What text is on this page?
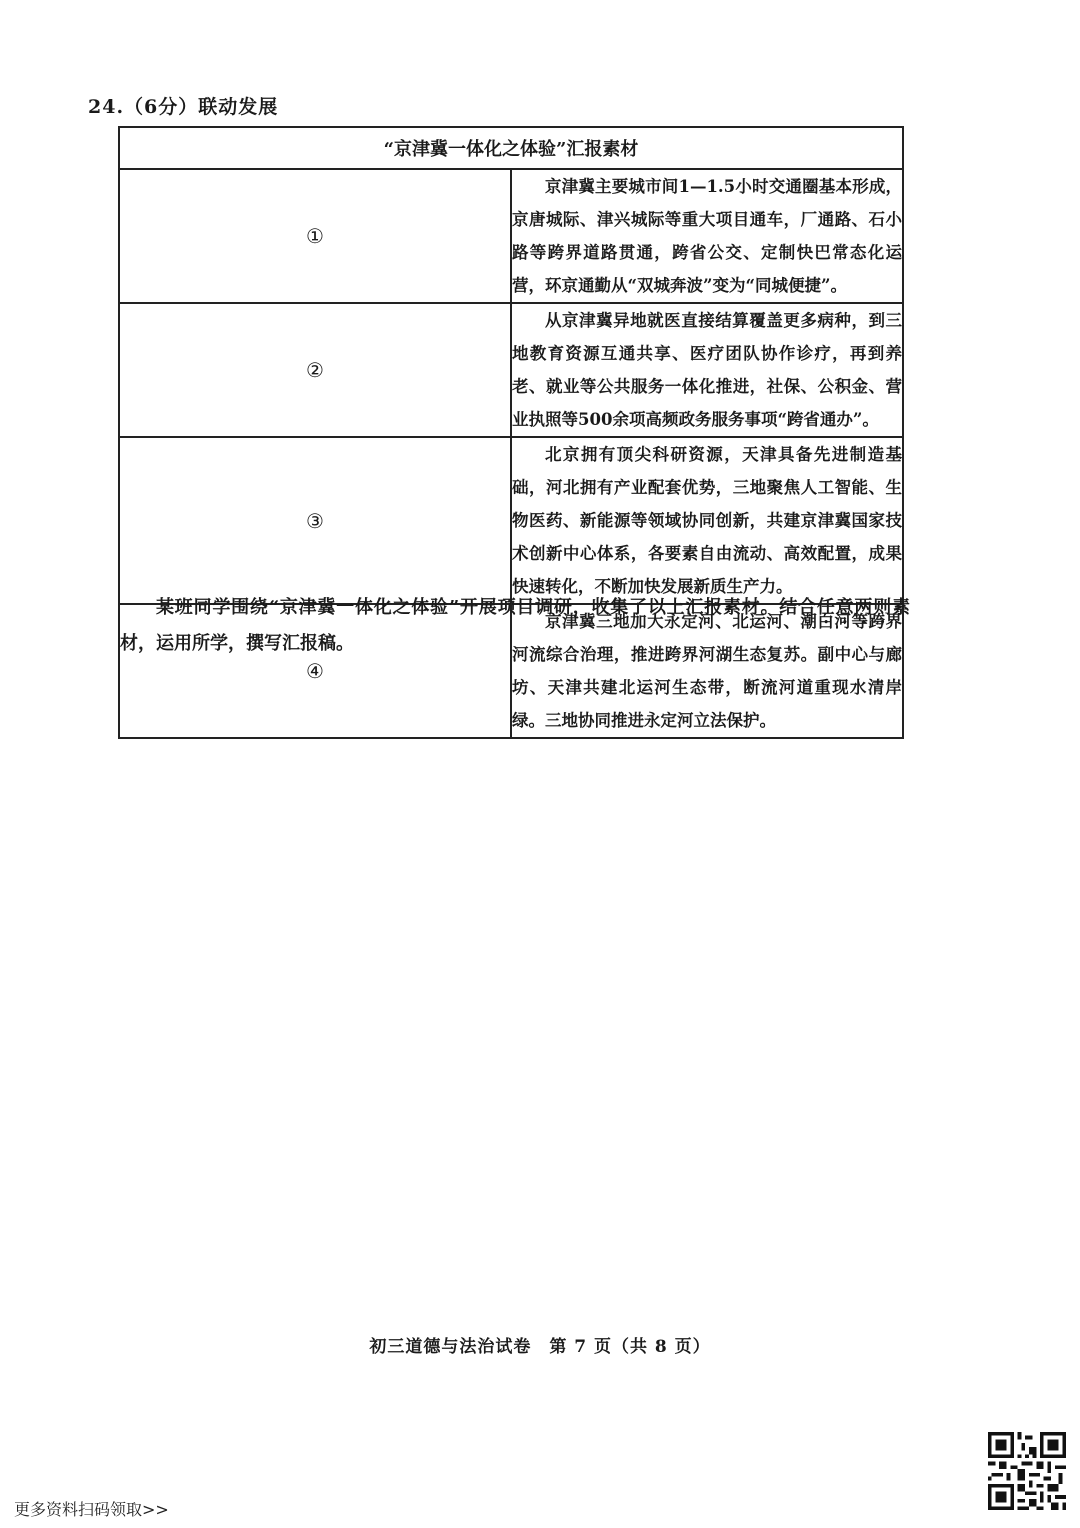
24.（6分）联动发展
“京津冀一体化之体验”汇报素材	
①	京津冀主要城市间1—1.5小时交通圈基本形成，京唐城际、津兴城际等重大项目通车，厂通路、石小路等跨界道路贯通，跨省公交、定制快巴常态化运营，环京通勤从“双城奔波”变为“同城便捷”。
②	从京津冀异地就医直接结算覆盖更多病种，到三地教育资源互通共享、医疗团队协作诊疗，再到养老、就业等公共服务一体化推进，社保、公积金、营业执照等500余项高频政务服务事项“跨省通办”。
③	北京拥有顶尖科研资源，天津具备先进制造基础，河北拥有产业配套优势，三地聚焦人工智能、生物医药、新能源等领域协同创新，共建京津冀国家技术创新中心体系，各要素自由流动、高效配置，成果快速转化，不断加快发展新质生产力。
④	京津冀三地加大永定河、北运河、潮白河等跨界河流综合治理，推进跨界河湖生态复苏。副中心与廊坊、天津共建北运河生态带，断流河道重现水清岸绿。三地协同推进永定河立法保护。
某班同学围绕“京津冀一体化之体验”开展项目调研，收集了以上汇报素材。结合任意两则素材，运用所学，撰写汇报稿。
初三道德与法治试卷　第 7 页（共 8 页）
更多资料扫码领取>>
